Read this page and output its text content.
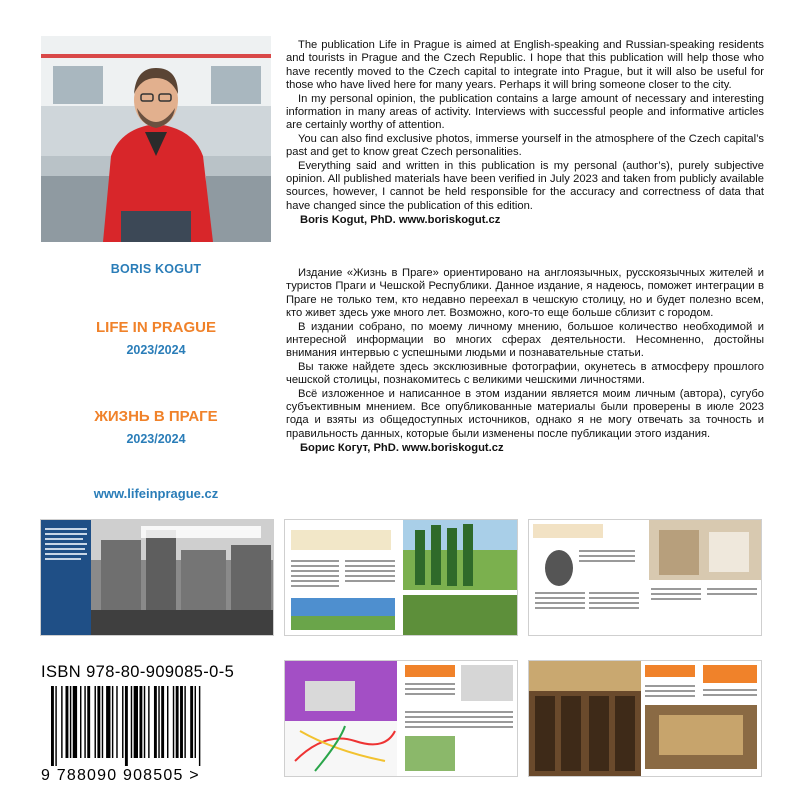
BORIS KOGUT
LIFE IN PRAGUE
2023/2024
ЖИЗНЬ В ПРАГЕ
2023/2024
www.lifeinprague.cz

The publication Life in Prague is aimed at English-speaking and Russian-speaking residents and tourists in Prague and the Czech Republic. I hope that this publication will help those who have recently moved to the Czech capital to integrate into Prague, but it will also be useful for those who have lived here for many years. Perhaps it will bring someone closer to the city.

In my personal opinion, the publication contains a large amount of necessary and interesting information in many areas of activity. Interviews with successful people and informative articles are certainly worthy of attention.

You can also find exclusive photos, immerse yourself in the atmosphere of the Czech capital’s past and get to know great Czech personalities.

Everything said and written in this publication is my personal (author’s), purely subjective opinion. All published materials have been verified in July 2023 and taken from publicly available sources, however, I cannot be held responsible for the accuracy and correctness of data that have changed since the publication of this edition.

Boris Kogut, PhD. www.boriskogut.cz

Издание «Жизнь в Праге» ориентировано на англоязычных, русскоязычных жителей и туристов Праги и Чешской Республики. Данное издание, я надеюсь, поможет интеграции в Праге не только тем, кто недавно переехал в чешскую столицу, но и будет полезно всем, кто живет здесь уже много лет. Возможно, кого-то еще больше сблизит с городом.

В издании собрано, по моему личному мнению, большое количество необходимой и интересной информации во многих сферах деятельности. Несомненно, достойны внимания интервью с успешными людьми и познавательные статьи.

Вы также найдете здесь эксклюзивные фотографии, окунетесь в атмосферу прошлого чешской столицы, познакомитесь с великими чешскими личностями.

Всё изложенное и написанное в этом издании является моим личным (автора), сугубо субъективным мнением. Все опубликованные материалы были проверены в июле 2023 года и взяты из общедоступных источников, однако я не могу отвечать за точность и правильность данных, которые были изменены после публикации этого издания.

Борис Когут, PhD. www.boriskogut.cz

ISBN 978-80-909085-0-5
9 788090 908505 >
